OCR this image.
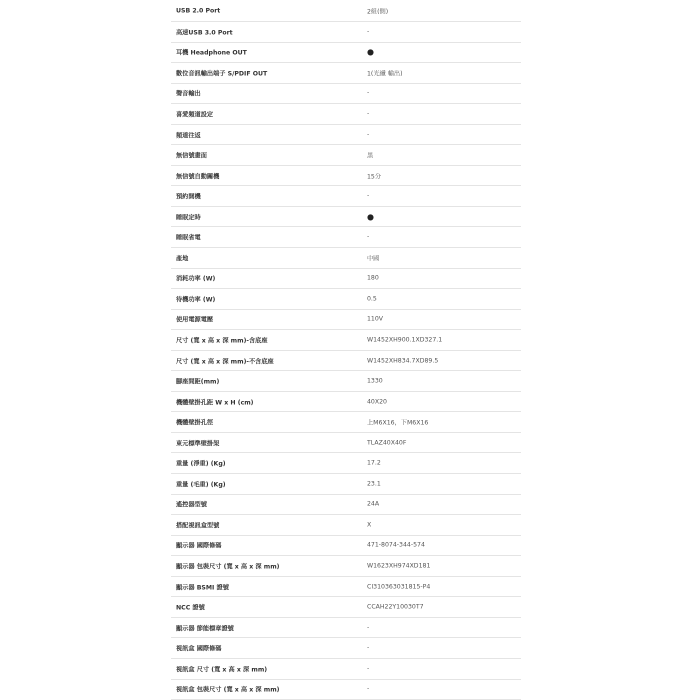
USB 2.0 Port	2組(側)
高速USB 3.0 Port	-
耳機 Headphone OUT	●
數位音訊輸出端子 S/PDIF OUT	1(光纖 輸出)
聲音輸出	-
喜愛頻道設定	-
頻道往返	-
無信號畫面	黑
無信號自動關機	15分
預約開機	-
睡眠定時	●
睡眠省電	-
產地	中國
消耗功率 (W)	180
待機功率 (W)	0.5
使用電源電壓	110V
尺寸 (寬 x 高 x 深 mm)-含底座	W1452XH900.1XD327.1
尺寸 (寬 x 高 x 深 mm)-不含底座	W1452XH834.7XD89.5
腳座間距(mm)	1330
機體壁掛孔距 W x H (cm)	40X20
機體壁掛孔徑	上M6X16，下M6X16
東元標準壁掛架	TLAZ40X40F
重量 (淨重) (Kg)	17.2
重量 (毛重) (Kg)	23.1
遙控器型號	24A
搭配視訊盒型號	X
顯示器 國際條碼	471-8074-344-574
顯示器 包裝尺寸 (寬 x 高 x 深 mm)	W1623XH974XD181
顯示器 BSMI 證號	CI310363031815-P4
NCC 證號	CCAH22Y10030T7
顯示器 節能標章證號	-
視訊盒 國際條碼	-
視訊盒 尺寸 (寬 x 高 x 深 mm)	-
視訊盒 包裝尺寸 (寬 x 高 x 深 mm)	-
